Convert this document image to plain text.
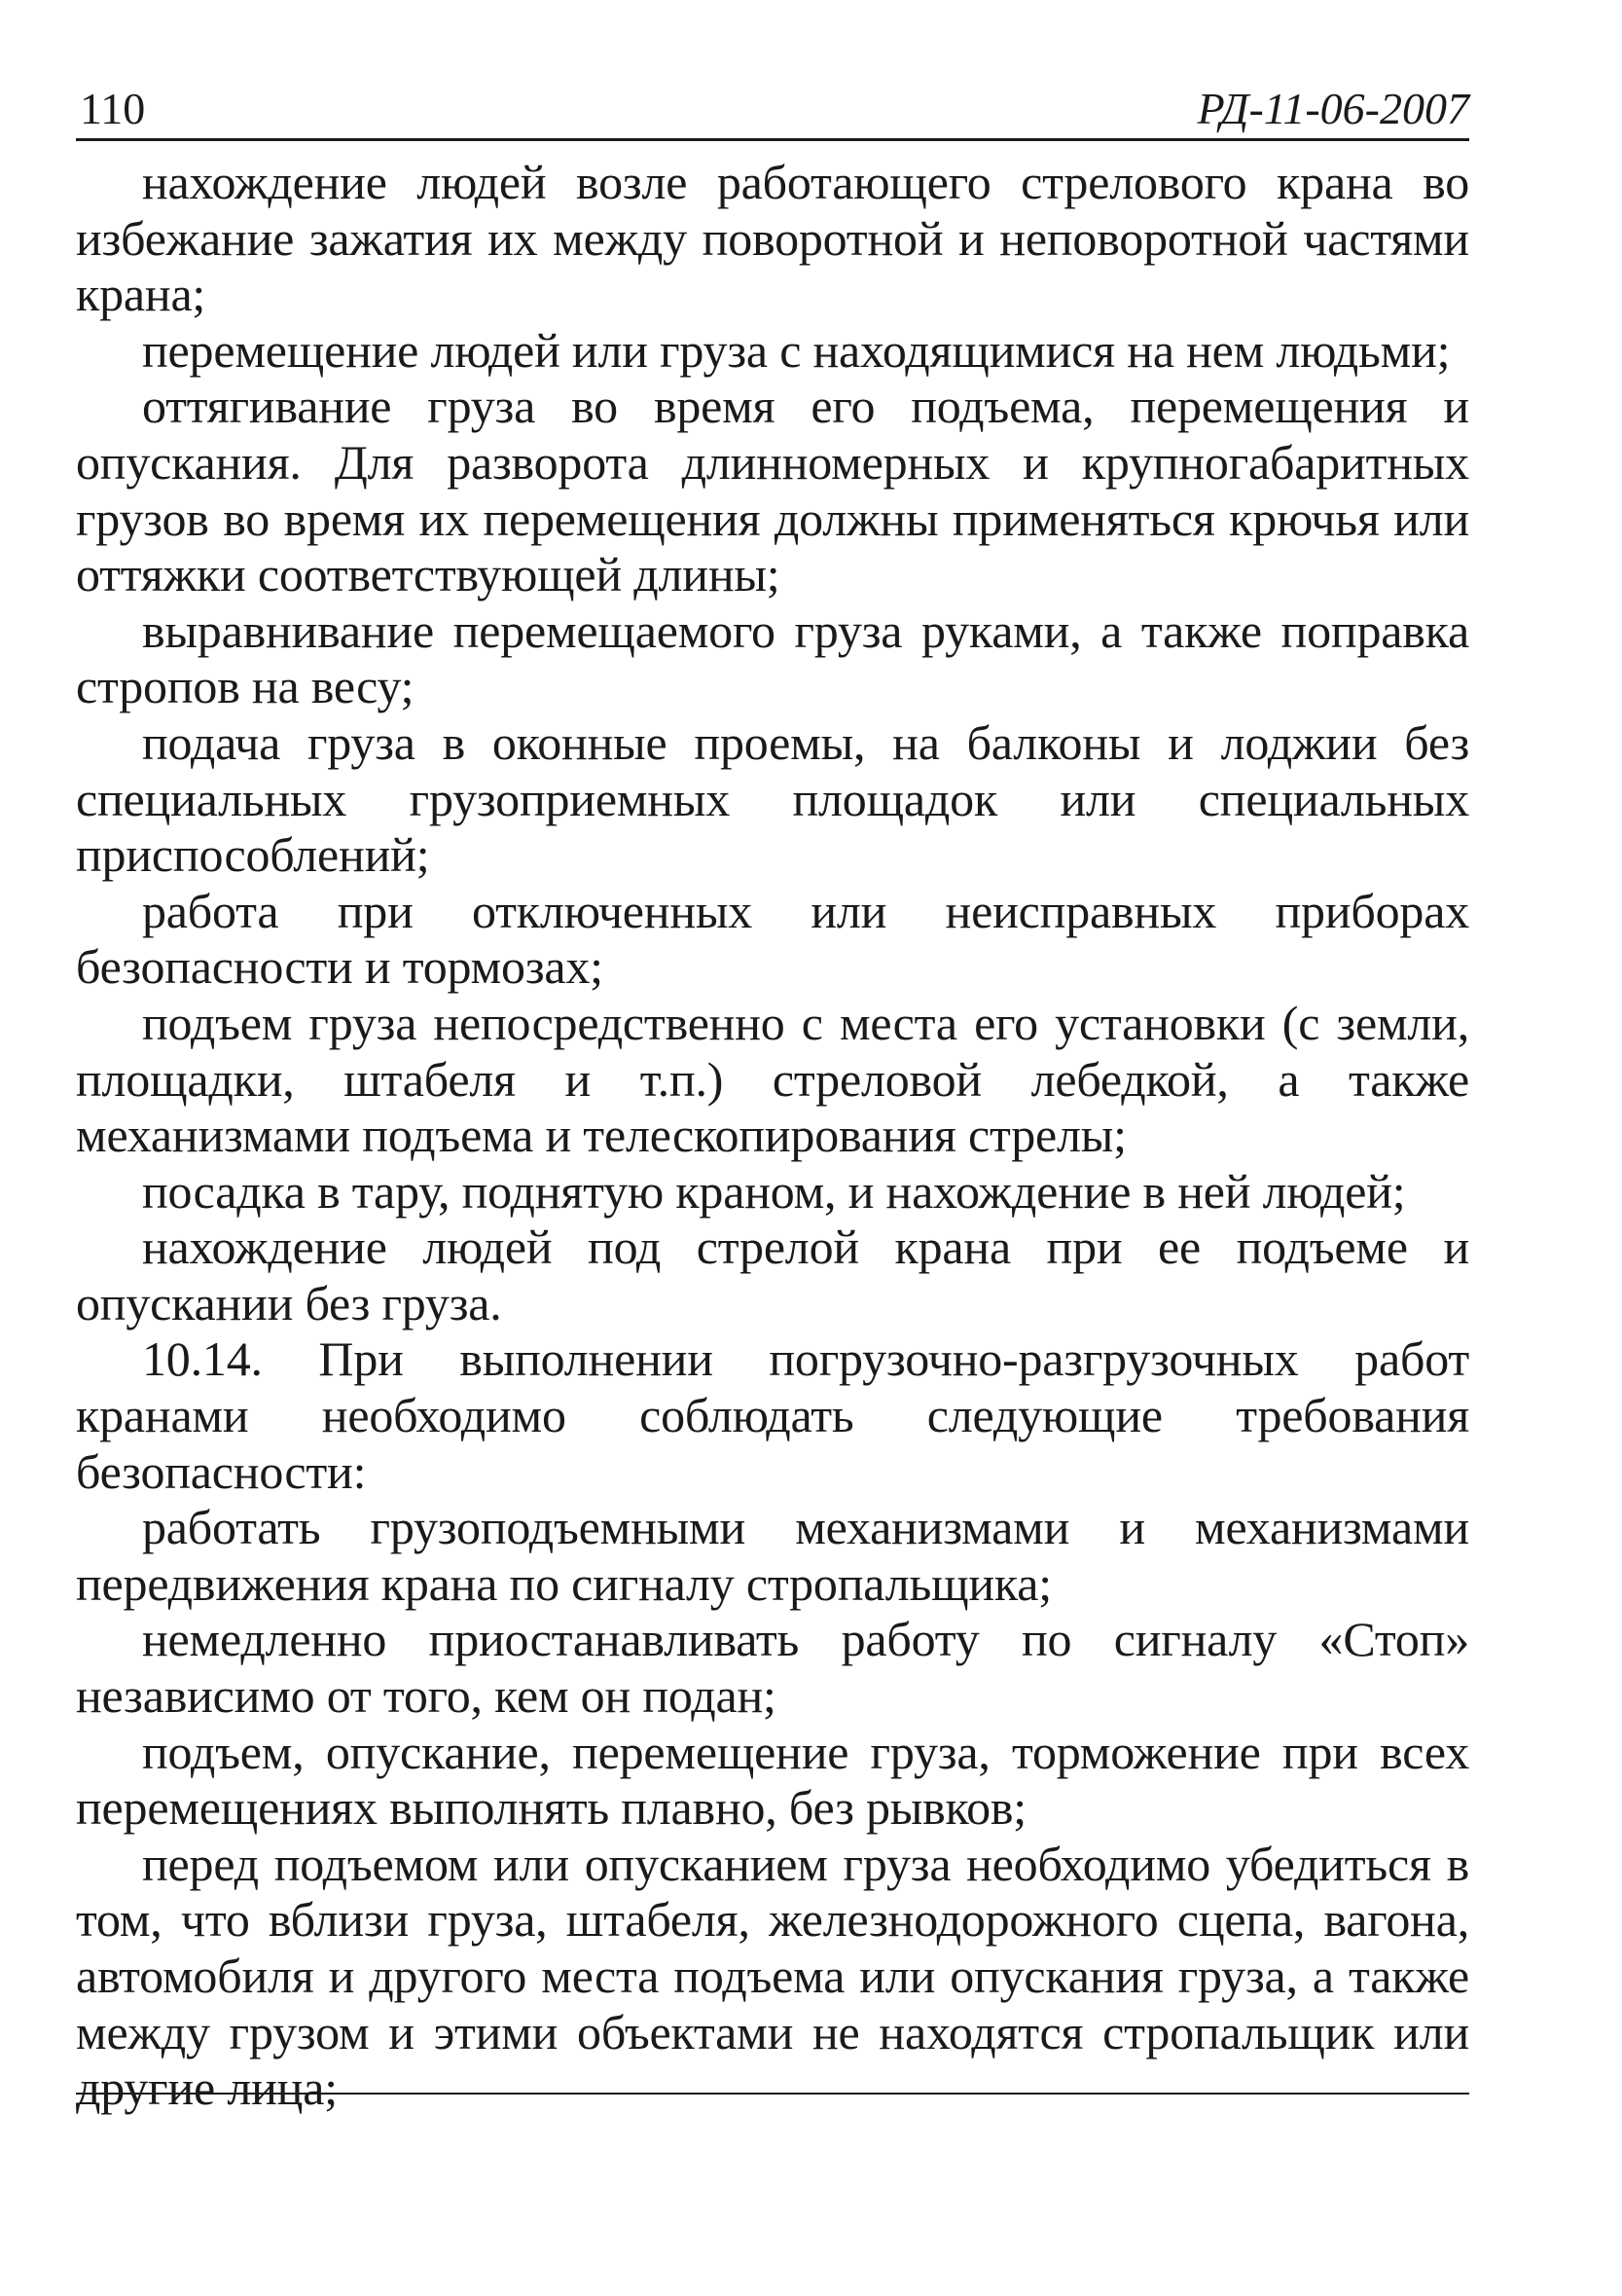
110	РД-11-06-2007

нахождение людей возле работающего стрелового крана во избежание зажатия их между поворотной и неповоротной частями крана;

перемещение людей или груза с находящимися на нем людьми;

оттягивание груза во время его подъема, перемещения и опускания. Для разворота длинномерных и крупногабаритных грузов во время их перемещения должны применяться крючья или оттяжки соответствующей длины;

выравнивание перемещаемого груза руками, а также поправка стропов на весу;

подача груза в оконные проемы, на балконы и лоджии без специальных грузоприемных площадок или специальных приспособлений;

работа при отключенных или неисправных приборах безопасности и тормозах;

подъем груза непосредственно с места его установки (с земли, площадки, штабеля и т.п.) стреловой лебедкой, а также механизмами подъема и телескопирования стрелы;

посадка в тару, поднятую краном, и нахождение в ней людей;

нахождение людей под стрелой крана при ее подъеме и опускании без груза.

10.14. При выполнении погрузочно-разгрузочных работ кранами необходимо соблюдать следующие требования безопасности:

работать грузоподъемными механизмами и механизмами передвижения крана по сигналу стропальщика;

немедленно приостанавливать работу по сигналу «Стоп» независимо от того, кем он подан;

подъем, опускание, перемещение груза, торможение при всех перемещениях выполнять плавно, без рывков;

перед подъемом или опусканием груза необходимо убедиться в том, что вблизи груза, штабеля, железнодорожного сцепа, вагона, автомобиля и другого места подъема или опускания груза, а также между грузом и этими объектами не находятся стропальщик или другие лица;
